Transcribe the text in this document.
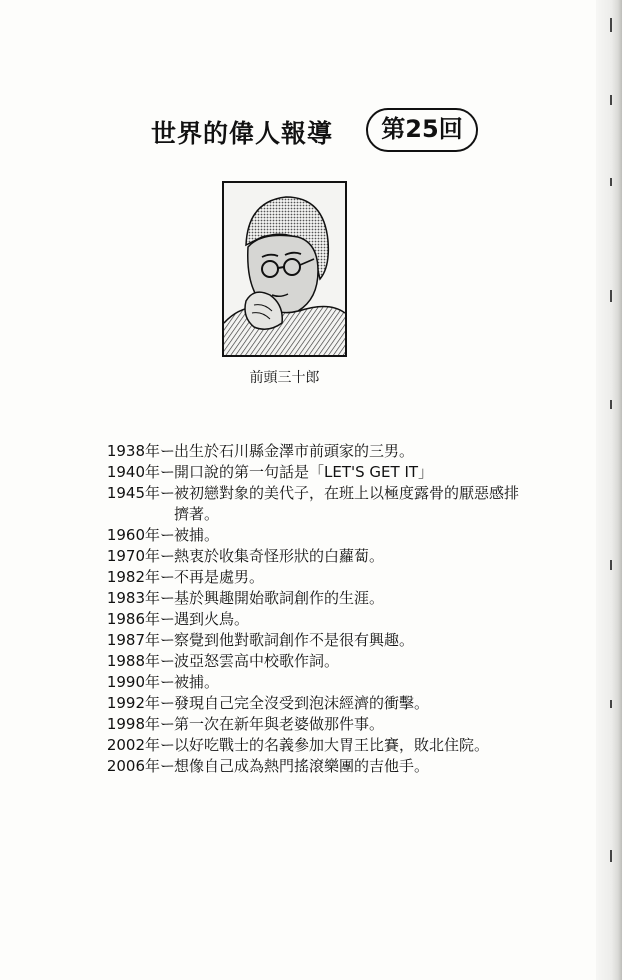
世界的偉人報導	第25回
前頭三十郎
1938年 ー
出生於石川縣金澤市前頭家的三男。
1940年 ー
開口說的第一句話是「LET'S GET IT」
1945年 ー
被初戀對象的美代子，在班上以極度露骨的厭惡感排擠著。
1960年 ー
被捕。
1970年 ー
熱衷於收集奇怪形狀的白蘿蔔。
1982年 ー
不再是處男。
1983年 ー
基於興趣開始歌詞創作的生涯。
1986年 ー
遇到火鳥。
1987年 ー
察覺到他對歌詞創作不是很有興趣。
1988年 ー
波亞怒雲高中校歌作詞。
1990年 ー
被捕。
1992年 ー
發現自己完全沒受到泡沫經濟的衝擊。
1998年 ー
第一次在新年與老婆做那件事。
2002年 ー
以好吃戰士的名義參加大胃王比賽，敗北住院。
2006年 ー
想像自己成為熱門搖滾樂團的吉他手。
